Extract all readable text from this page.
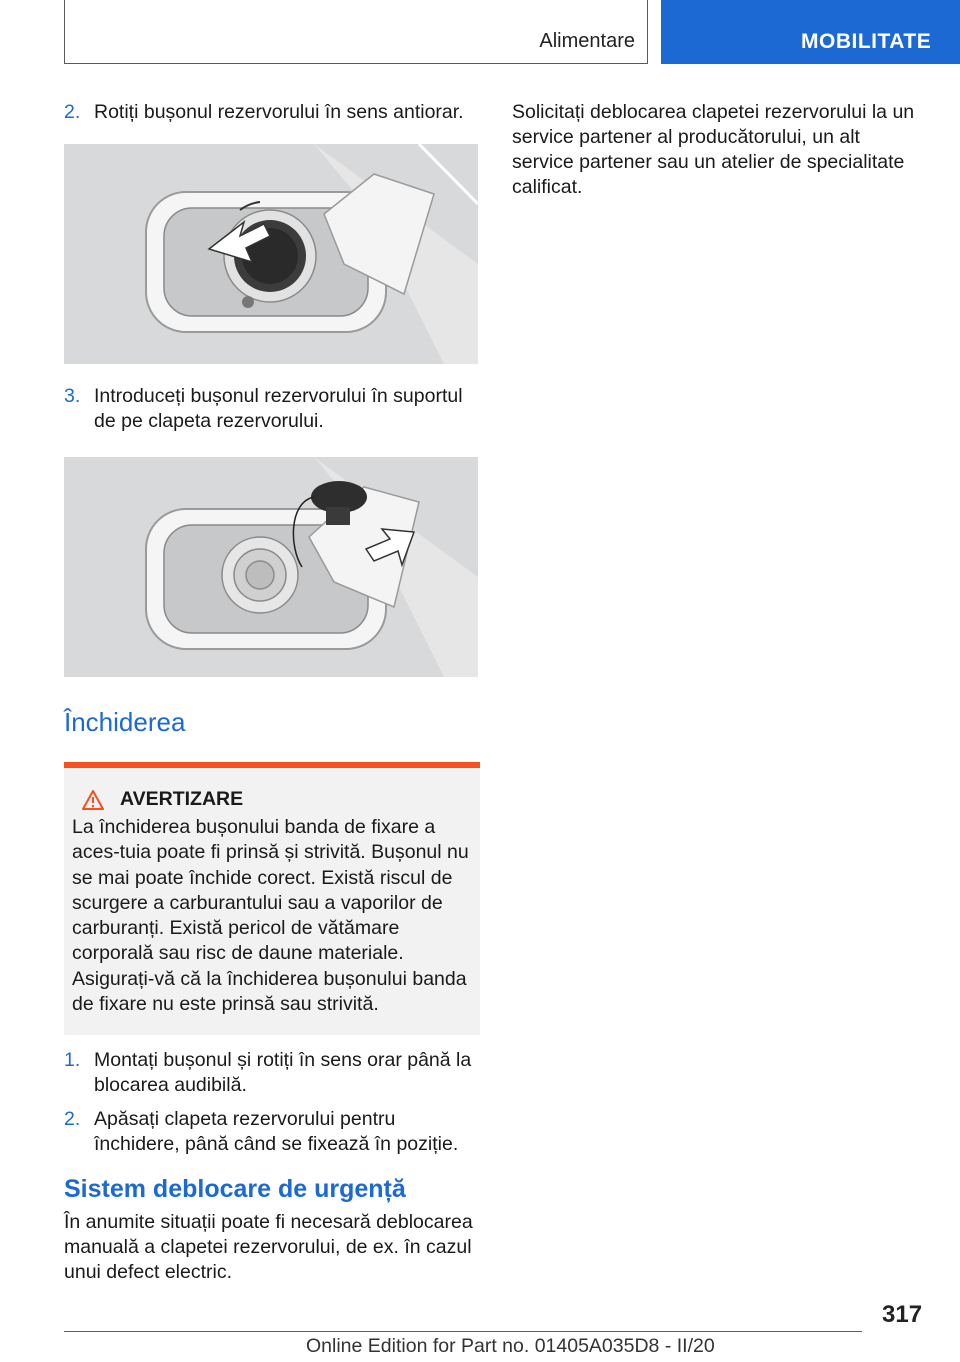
Alimentare	MOBILITATE
2. Rotiți bușonul rezervorului în sens antiorar.
3. Introduceți bușonul rezervorului în suportul de pe clapeta rezervorului.
Închiderea
AVERTIZARE
La închiderea bușonului banda de fixare a aces-tuia poate fi prinsă și strivită. Bușonul nu se mai poate închide corect. Există riscul de scurgere a carburantului sau a vaporilor de carburanți. Există pericol de vătămare corporală sau risc de daune materiale. Asigurați-vă că la închiderea bușonului banda de fixare nu este prinsă sau strivită.
1. Montați bușonul și rotiți în sens orar până la blocarea audibilă.
2. Apăsați clapeta rezervorului pentru închidere, până când se fixează în poziție.
Sistem deblocare de urgență

În anumite situații poate fi necesară deblocarea manuală a clapetei rezervorului, de ex. în cazul unui defect electric.

Solicitați deblocarea clapetei rezervorului la un service partener al producătorului, un alt service partener sau un atelier de specialitate calificat.

317
Online Edition for Part no. 01405A035D8 - II/20
